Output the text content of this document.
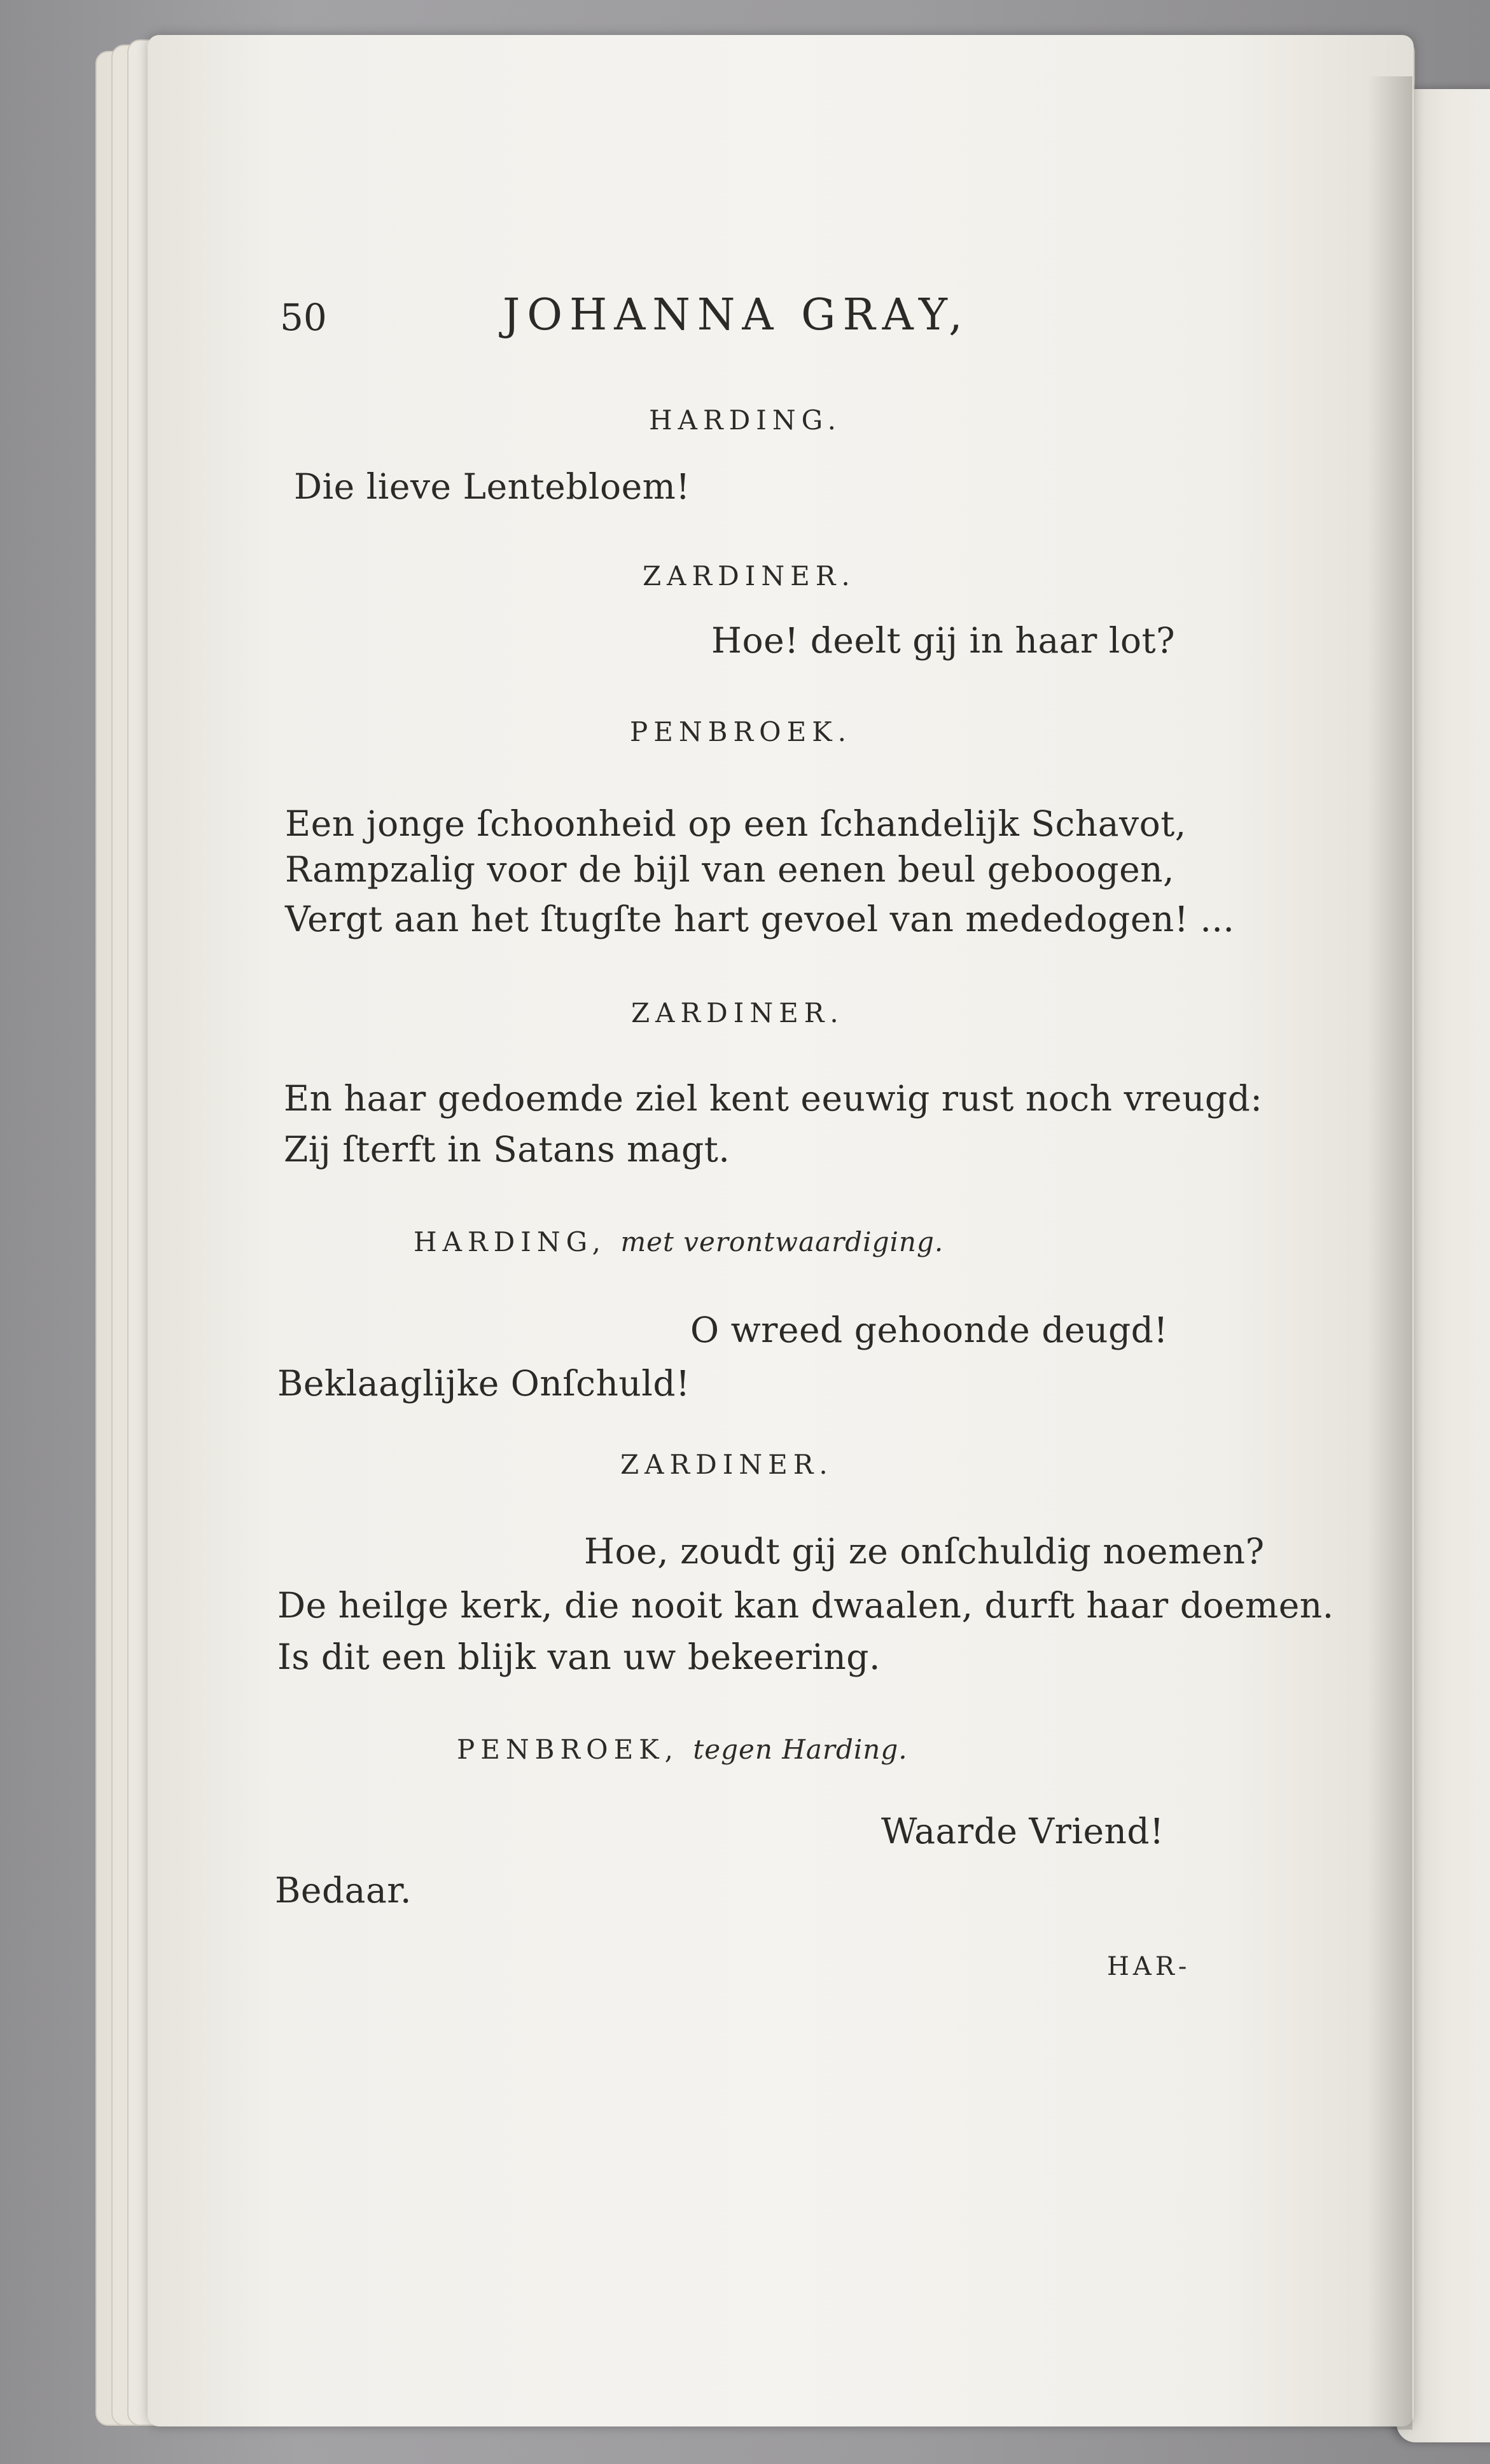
50	JOHANNA GRAY,

HARDING.

Die lieve Lentebloem!

ZARDINER.

Hoe! deelt gij in haar lot?

PENBROEK.

Een jonge ſchoonheid op een ſchandelijk Schavot,

Rampzalig voor de bijl van eenen beul geboogen,

Vergt aan het ſtugſte hart gevoel van mededogen! ...

ZARDINER.

En haar gedoemde ziel kent eeuwig rust noch vreugd:

Zij ſterft in Satans magt.

HARDING, met verontwaardiging.

O wreed gehoonde deugd!

Beklaaglijke Onſchuld!

ZARDINER.

Hoe, zoudt gij ze onſchuldig noemen?

De heilge kerk, die nooit kan dwaalen, durft haar doemen.

Is dit een blijk van uw bekeering.

PENBROEK, tegen Harding.

Waarde Vriend!

Bedaar.

HAR-
